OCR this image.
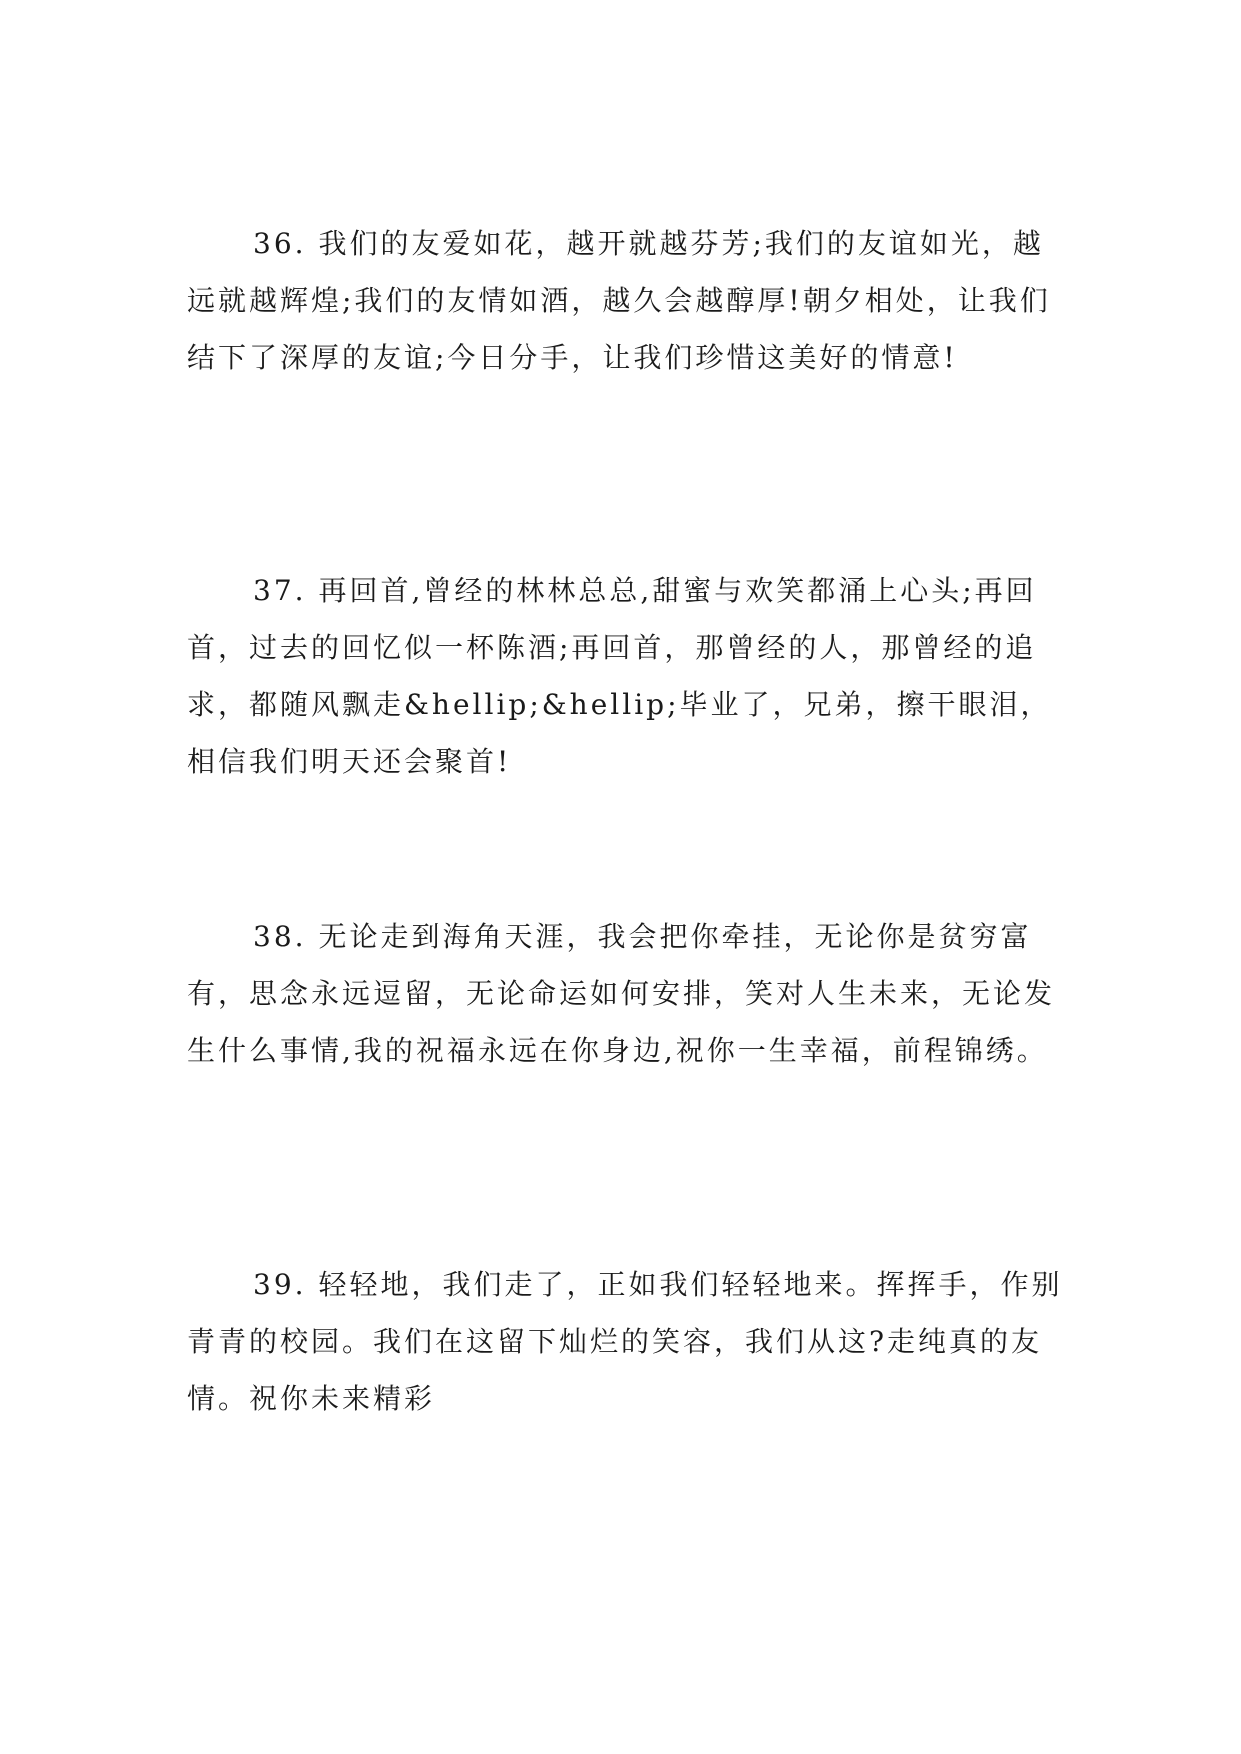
36. 我们的友爱如花，越开就越芬芳;我们的友谊如光，越远就越辉煌;我们的友情如酒，越久会越醇厚!朝夕相处，让我们结下了深厚的友谊;今日分手，让我们珍惜这美好的情意!

37. 再回首,曾经的林林总总,甜蜜与欢笑都涌上心头;再回首，过去的回忆似一杯陈酒;再回首，那曾经的人，那曾经的追求，都随风飘走&hellip;&hellip;毕业了，兄弟，擦干眼泪，相信我们明天还会聚首!

38. 无论走到海角天涯，我会把你牵挂，无论你是贫穷富有，思念永远逗留，无论命运如何安排，笑对人生未来，无论发生什么事情,我的祝福永远在你身边,祝你一生幸福，前程锦绣。

39. 轻轻地，我们走了，正如我们轻轻地来。挥挥手，作别青青的校园。我们在这留下灿烂的笑容，我们从这?走纯真的友情。祝你未来精彩
